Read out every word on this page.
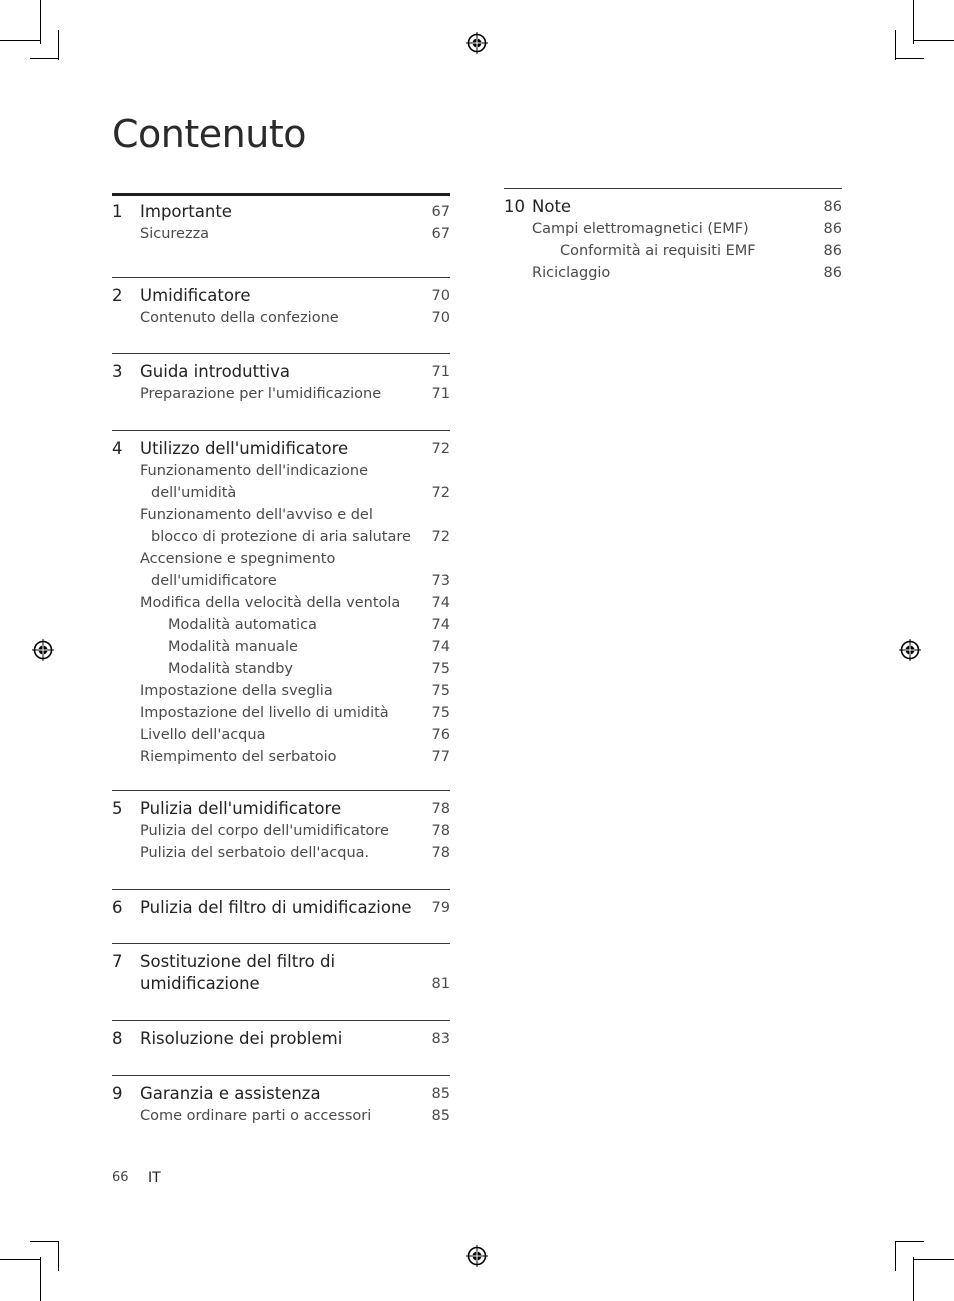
Contenuto
1 Importante	67
Sicurezza	67
2 Umidificatore	70
Contenuto della confezione	70
3 Guida introduttiva	71
Preparazione per l'umidificazione	71
4 Utilizzo dell'umidificatore	72
Funzionamento dell'indicazione
dell'umidità	72
Funzionamento dell'avviso e del
blocco di protezione di aria salutare 72
Accensione e spegnimento
dell'umidificatore	73
Modifica della velocità della ventola 74
Modalità automatica	74
Modalità manuale	74
Modalità standby	75
Impostazione della sveglia	75
Impostazione del livello di umidità	75
Livello dell'acqua	76
Riempimento del serbatoio	77
5 Pulizia dell'umidificatore	78
Pulizia del corpo dell'umidificatore	78
Pulizia del serbatoio dell'acqua.	78
6 Pulizia del filtro di umidificazione 79
7 Sostituzione del filtro di
umidificazione	81
8 Risoluzione dei problemi	83
9 Garanzia e assistenza	85
Come ordinare parti o accessori	85
10 Note	86
Campi elettromagnetici (EMF)	86
Conformità ai requisiti EMF	86
Riciclaggio	86
66 IT
